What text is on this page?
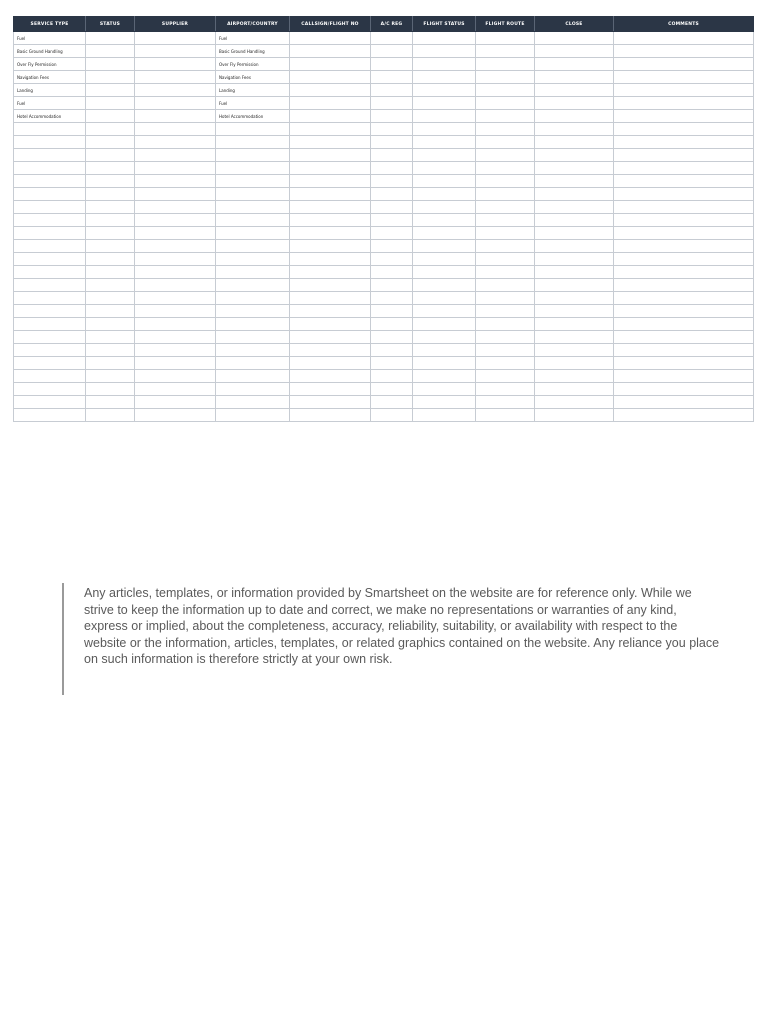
SERVICE TYPE	STATUS	SUPPLIER	AIRPORT/COUNTRY	CALLSIGN/FLIGHT NO	A/C REG	FLIGHT STATUS	FLIGHT ROUTE	CLOSE	COMMENTS
Fuel			Fuel						
Basic Ground Handling			Basic Ground Handling						
Over Fly Permission			Over Fly Permission						
Navigation Fees			Navigation Fees						
Landing			Landing						
Fuel			Fuel						
Hotel Accommodation			Hotel Accommodation						

Any articles, templates, or information provided by Smartsheet on the website are for reference only. While we strive to keep the information up to date and correct, we make no representations or warranties of any kind, express or implied, about the completeness, accuracy, reliability, suitability, or availability with respect to the website or the information, articles, templates, or related graphics contained on the website. Any reliance you place on such information is therefore strictly at your own risk.
